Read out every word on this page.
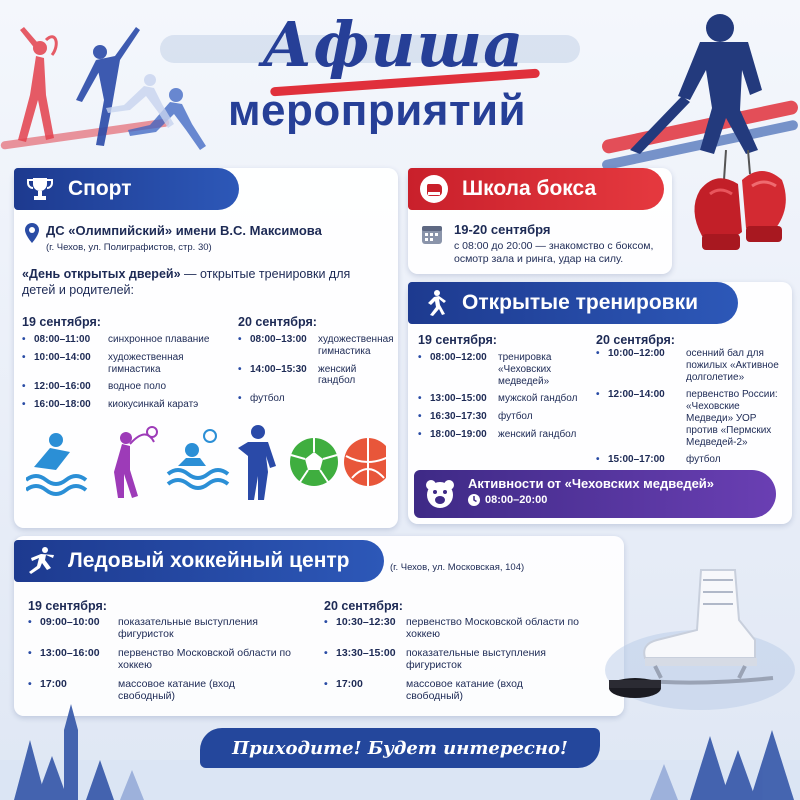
Афиша
мероприятий
Спорт
ДС «Олимпийский» имени В.С. Максимова
(г. Чехов, ул. Полиграфистов, стр. 30)
«День открытых дверей» — открытые тренировки для детей и родителей:
19 сентября:
• 08:00–11:00	синхронное плавание
• 10:00–14:00	художественная гимнастика
• 12:00–16:00	водное поло
• 16:00–18:00	киокусинкай каратэ
20 сентября:
• 08:00–13:00	художественная гимнастика
• 14:00–15:30	женский гандбол
• футбол
Школа бокса
19-20 сентября
с 08:00 до 20:00 — знакомство с боксом, осмотр зала и ринга, удар на силу.
Открытые тренировки
19 сентября:
• 08:00–12:00	тренировка «Чеховских медведей»
• 13:00–15:00	мужской гандбол
• 16:30–17:30	футбол
• 18:00–19:00	женский гандбол
20 сентября:
• 10:00–12:00	осенний бал для пожилых «Активное долголетие»
• 12:00–14:00	первенство России: «Чеховские Медведи» УОР против «Пермских Медведей-2»
• 15:00–17:00	футбол
Активности от «Чеховских медведей»
08:00–20:00
Ледовый хоккейный центр	(г. Чехов, ул. Московская, 104)
19 сентября:
• 09:00–10:00	показательные выступления фигуристок
• 13:00–16:00	первенство Московской области по хоккею
• 17:00	массовое катание (вход свободный)
20 сентября:
• 10:30–12:30 первенство Московской области по хоккею
• 13:30–15:00 показательные выступления фигуристок
• 17:00	массовое катание (вход свободный)
Приходите! Будет интересно!
